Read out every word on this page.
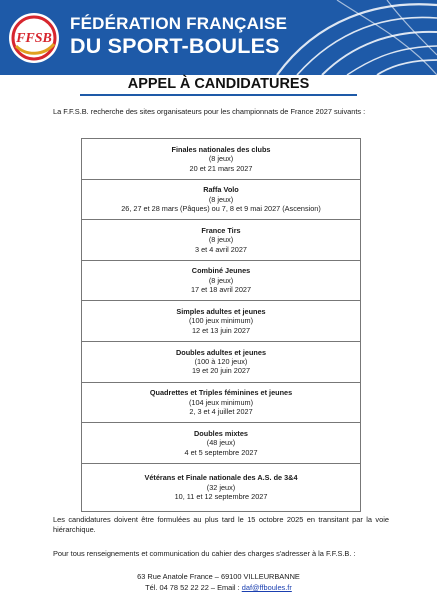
FFSB
FÉDÉRATION FRANÇAISE
DU SPORT-BOULES
APPEL À CANDIDATURES

La F.F.S.B. recherche des sites organisateurs pour les championnats de France 2027 suivants :

Finales nationales des clubs
(8 jeux)
20 et 21 mars 2027
Raffa Volo
(8 jeux)
26, 27 et 28 mars (Pâques) ou 7, 8 et 9 mai 2027 (Ascension)
France Tirs
(8 jeux)
3 et 4 avril 2027
Combiné Jeunes
(8 jeux)
17 et 18 avril 2027
Simples adultes et jeunes
(100 jeux minimum)
12 et 13 juin 2027
Doubles adultes et jeunes
(100 à 120 jeux)
19 et 20 juin 2027
Quadrettes et Triples féminines et jeunes
(104 jeux minimum)
2, 3 et 4 juillet 2027
Doubles mixtes
(48 jeux)
4 et 5 septembre 2027
Vétérans et Finale nationale des A.S. de 3&4
(32 jeux)
10, 11 et 12 septembre 2027

Les candidatures doivent être formulées au plus tard le 15 octobre 2025 en transitant par la voie hiérarchique.

Pour tous renseignements et communication du cahier des charges s'adresser à la F.F.S.B. :

63 Rue Anatole France – 69100 VILLEURBANNE
Tél. 04 78 52 22 22 – Email : daf@ffboules.fr
